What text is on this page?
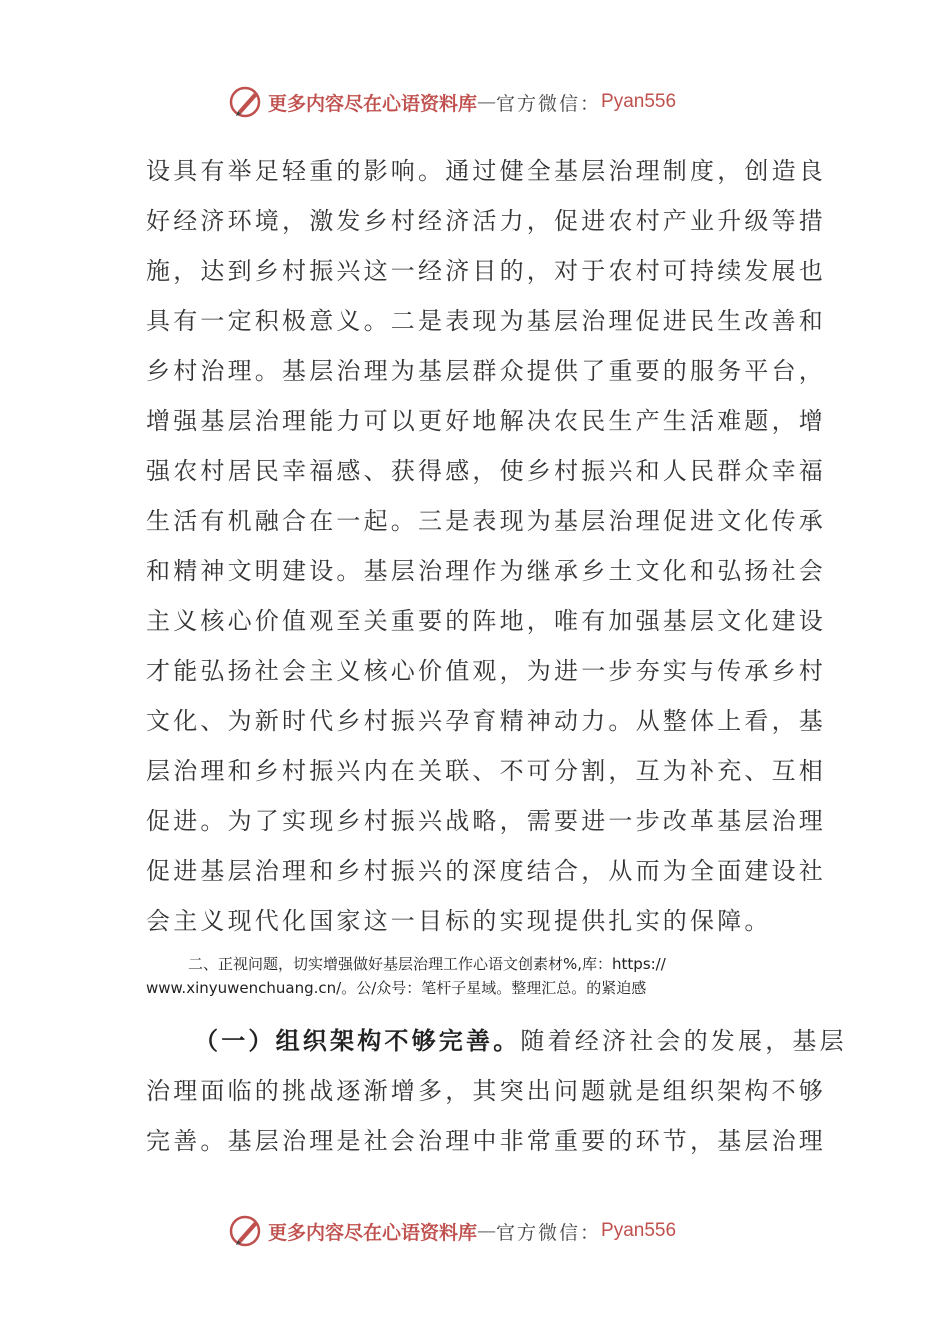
更多内容尽在心语资料库 — 官方微信： Pyan556
设具有举足轻重的影响。通过健全基层治理制度，创造良
好经济环境，激发乡村经济活力，促进农村产业升级等措
施，达到乡村振兴这一经济目的，对于农村可持续发展也
具有一定积极意义。二是表现为基层治理促进民生改善和
乡村治理。基层治理为基层群众提供了重要的服务平台，
增强基层治理能力可以更好地解决农民生产生活难题，增
强农村居民幸福感、获得感，使乡村振兴和人民群众幸福
生活有机融合在一起。三是表现为基层治理促进文化传承
和精神文明建设。基层治理作为继承乡土文化和弘扬社会
主义核心价值观至关重要的阵地，唯有加强基层文化建设
才能弘扬社会主义核心价值观，为进一步夯实与传承乡村
文化、为新时代乡村振兴孕育精神动力。从整体上看，基
层治理和乡村振兴内在关联、不可分割，互为补充、互相
促进。为了实现乡村振兴战略，需要进一步改革基层治理
促进基层治理和乡村振兴的深度结合，从而为全面建设社
会主义现代化国家这一目标的实现提供扎实的保障。
二、正视问题，切实增强做好基层治理工作心语文创素材%,库：https://
www.xinyuwenchuang.cn/。公/众号：笔杆子星域。整理汇总。的紧迫感
（一）组织架构不够完善。随着经济社会的发展，基层
治理面临的挑战逐渐增多，其突出问题就是组织架构不够
完善。基层治理是社会治理中非常重要的环节，基层治理
更多内容尽在心语资料库 — 官方微信： Pyan556
